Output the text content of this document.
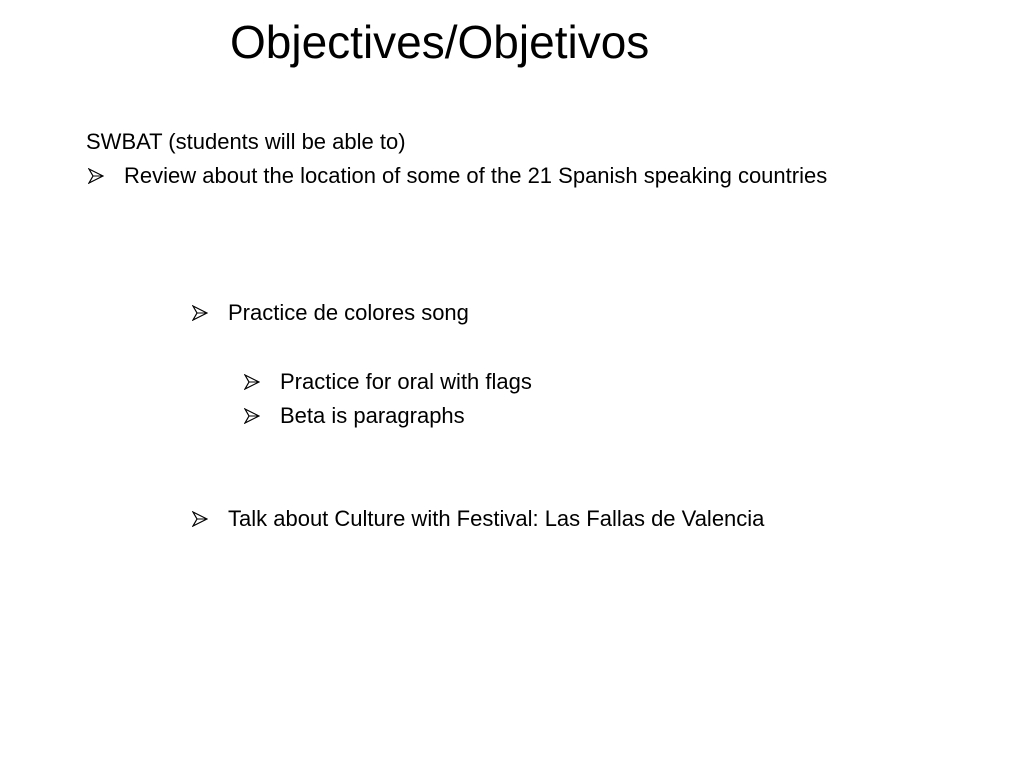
Objectives/Objetivos
SWBAT (students will be able to)
Review about the location of some of the 21 Spanish speaking countries
Practice de colores song
Practice for oral with flags
Beta is paragraphs
Talk about Culture with Festival: Las Fallas de Valencia
